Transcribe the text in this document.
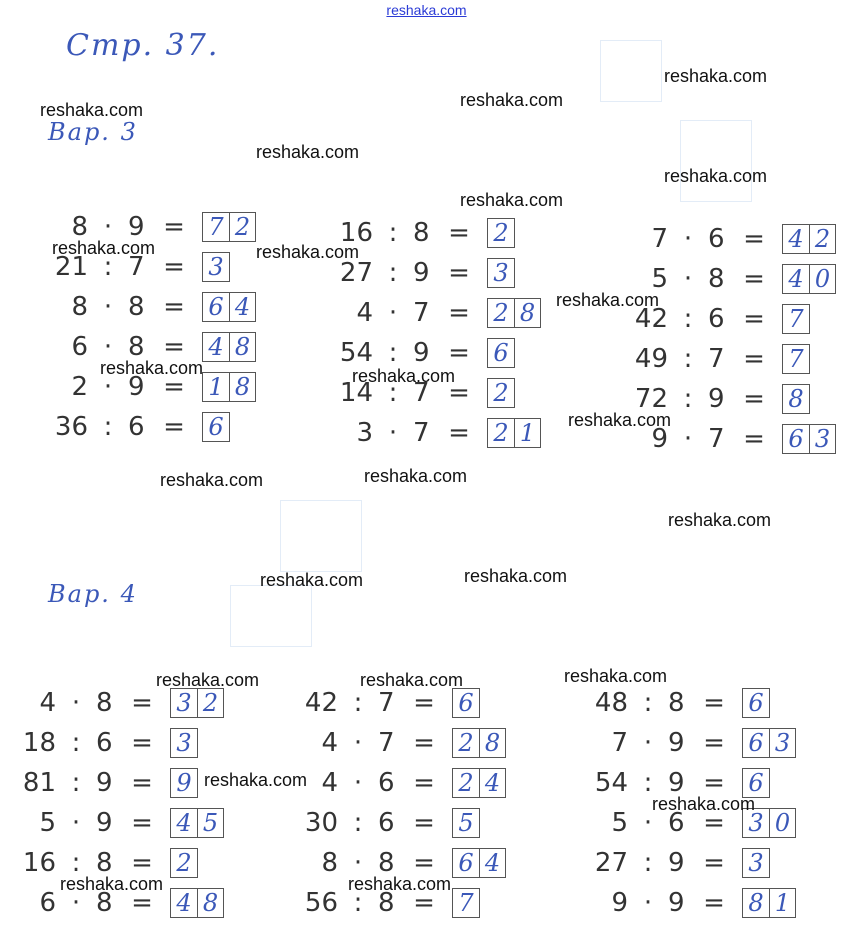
reshaka.com
Стр. 37.
Вар. 3
Вар. 4
8 · 9 = 7 2
21 : 7 = 3
8 · 8 = 6 4
6 · 8 = 4 8
2 · 9 = 1 8
36 : 6 = 6
16 : 8 = 2
27 : 9 = 3
4 · 7 = 2 8
54 : 9 = 6
14 : 7 = 2
3 · 7 = 2 1
7 · 6 = 4 2
5 · 8 = 4 0
42 : 6 = 7
49 : 7 = 7
72 : 9 = 8
9 · 7 = 6 3
4 · 8 = 3 2
18 : 6 = 3
81 : 9 = 9
5 · 9 = 4 5
16 : 8 = 2
6 · 8 = 4 8
42 : 7 = 6
4 · 7 = 2 8
4 · 6 = 2 4
30 : 6 = 5
8 · 8 = 6 4
56 : 8 = 7
48 : 8 = 6
7 · 9 = 6 3
54 : 9 = 6
5 · 6 = 3 0
27 : 9 = 3
9 · 9 = 8 1
reshaka.com	reshaka.com
reshaka.com
reshaka.com
reshaka.com
reshaka.com
reshaka.com	reshaka.com
reshaka.com
reshaka.com	reshaka.com
reshaka.com
reshaka.com	reshaka.com
reshaka.com
reshaka.com	reshaka.com
reshaka.com	reshaka.com	reshaka.com
reshaka.com
reshaka.com
reshaka.com	reshaka.com
